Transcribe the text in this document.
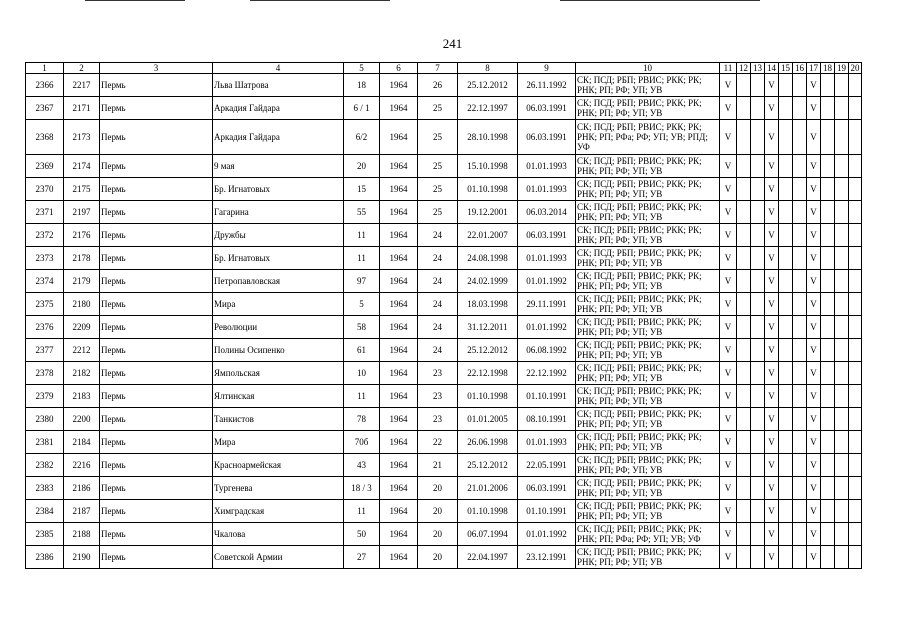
241
1	2	3	4	5	6	7	8	9	10	11	12	13	14	15	16	17	18	19	20
2366	2217	Пермь	Льва Шатрова	18	1964	26	25.12.2012	26.11.1992	СК; ПСД; РБП; РВИС; РКК; РК; РНК; РП; РФ; УП; УВ	V			V			V			
2367	2171	Пермь	Аркадия Гайдара	6 / 1	1964	25	22.12.1997	06.03.1991	СК; ПСД; РБП; РВИС; РКК; РК; РНК; РП; РФ; УП; УВ	V			V			V			
2368	2173	Пермь	Аркадия Гайдара	6/2	1964	25	28.10.1998	06.03.1991	СК; ПСД; РБП; РВИС; РКК; РК; РНК; РП; РФа; РФ; УП; УВ; РПД; УФ	V			V			V			
2369	2174	Пермь	9 мая	20	1964	25	15.10.1998	01.01.1993	СК; ПСД; РБП; РВИС; РКК; РК; РНК; РП; РФ; УП; УВ	V			V			V			
2370	2175	Пермь	Бр. Игнатовых	15	1964	25	01.10.1998	01.01.1993	СК; ПСД; РБП; РВИС; РКК; РК; РНК; РП; РФ; УП; УВ	V			V			V			
2371	2197	Пермь	Гагарина	55	1964	25	19.12.2001	06.03.2014	СК; ПСД; РБП; РВИС; РКК; РК; РНК; РП; РФ; УП; УВ	V			V			V			
2372	2176	Пермь	Дружбы	11	1964	24	22.01.2007	06.03.1991	СК; ПСД; РБП; РВИС; РКК; РК; РНК; РП; РФ; УП; УВ	V			V			V			
2373	2178	Пермь	Бр. Игнатовых	11	1964	24	24.08.1998	01.01.1993	СК; ПСД; РБП; РВИС; РКК; РК; РНК; РП; РФ; УП; УВ	V			V			V			
2374	2179	Пермь	Петропавловская	97	1964	24	24.02.1999	01.01.1992	СК; ПСД; РБП; РВИС; РКК; РК; РНК; РП; РФ; УП; УВ	V			V			V			
2375	2180	Пермь	Мира	5	1964	24	18.03.1998	29.11.1991	СК; ПСД; РБП; РВИС; РКК; РК; РНК; РП; РФ; УП; УВ	V			V			V			
2376	2209	Пермь	Революции	58	1964	24	31.12.2011	01.01.1992	СК; ПСД; РБП; РВИС; РКК; РК; РНК; РП; РФ; УП; УВ	V			V			V			
2377	2212	Пермь	Полины Осипенко	61	1964	24	25.12.2012	06.08.1992	СК; ПСД; РБП; РВИС; РКК; РК; РНК; РП; РФ; УП; УВ	V			V			V			
2378	2182	Пермь	Ямпольская	10	1964	23	22.12.1998	22.12.1992	СК; ПСД; РБП; РВИС; РКК; РК; РНК; РП; РФ; УП; УВ	V			V			V			
2379	2183	Пермь	Ялтинская	11	1964	23	01.10.1998	01.10.1991	СК; ПСД; РБП; РВИС; РКК; РК; РНК; РП; РФ; УП; УВ	V			V			V			
2380	2200	Пермь	Танкистов	78	1964	23	01.01.2005	08.10.1991	СК; ПСД; РБП; РВИС; РКК; РК; РНК; РП; РФ; УП; УВ	V			V			V			
2381	2184	Пермь	Мира	70б	1964	22	26.06.1998	01.01.1993	СК; ПСД; РБП; РВИС; РКК; РК; РНК; РП; РФ; УП; УВ	V			V			V			
2382	2216	Пермь	Красноармейская	43	1964	21	25.12.2012	22.05.1991	СК; ПСД; РБП; РВИС; РКК; РК; РНК; РП; РФ; УП; УВ	V			V			V			
2383	2186	Пермь	Тургенева	18 / 3	1964	20	21.01.2006	06.03.1991	СК; ПСД; РБП; РВИС; РКК; РК; РНК; РП; РФ; УП; УВ	V			V			V			
2384	2187	Пермь	Химградская	11	1964	20	01.10.1998	01.10.1991	СК; ПСД; РБП; РВИС; РКК; РК; РНК; РП; РФ; УП; УВ	V			V			V			
2385	2188	Пермь	Чкалова	50	1964	20	06.07.1994	01.01.1992	СК; ПСД; РБП; РВИС; РКК; РК; РНК; РП; РФа; РФ; УП; УВ; УФ	V			V			V			
2386	2190	Пермь	Советской Армии	27	1964	20	22.04.1997	23.12.1991	СК; ПСД; РБП; РВИС; РКК; РК; РНК; РП; РФ; УП; УВ	V			V			V			
